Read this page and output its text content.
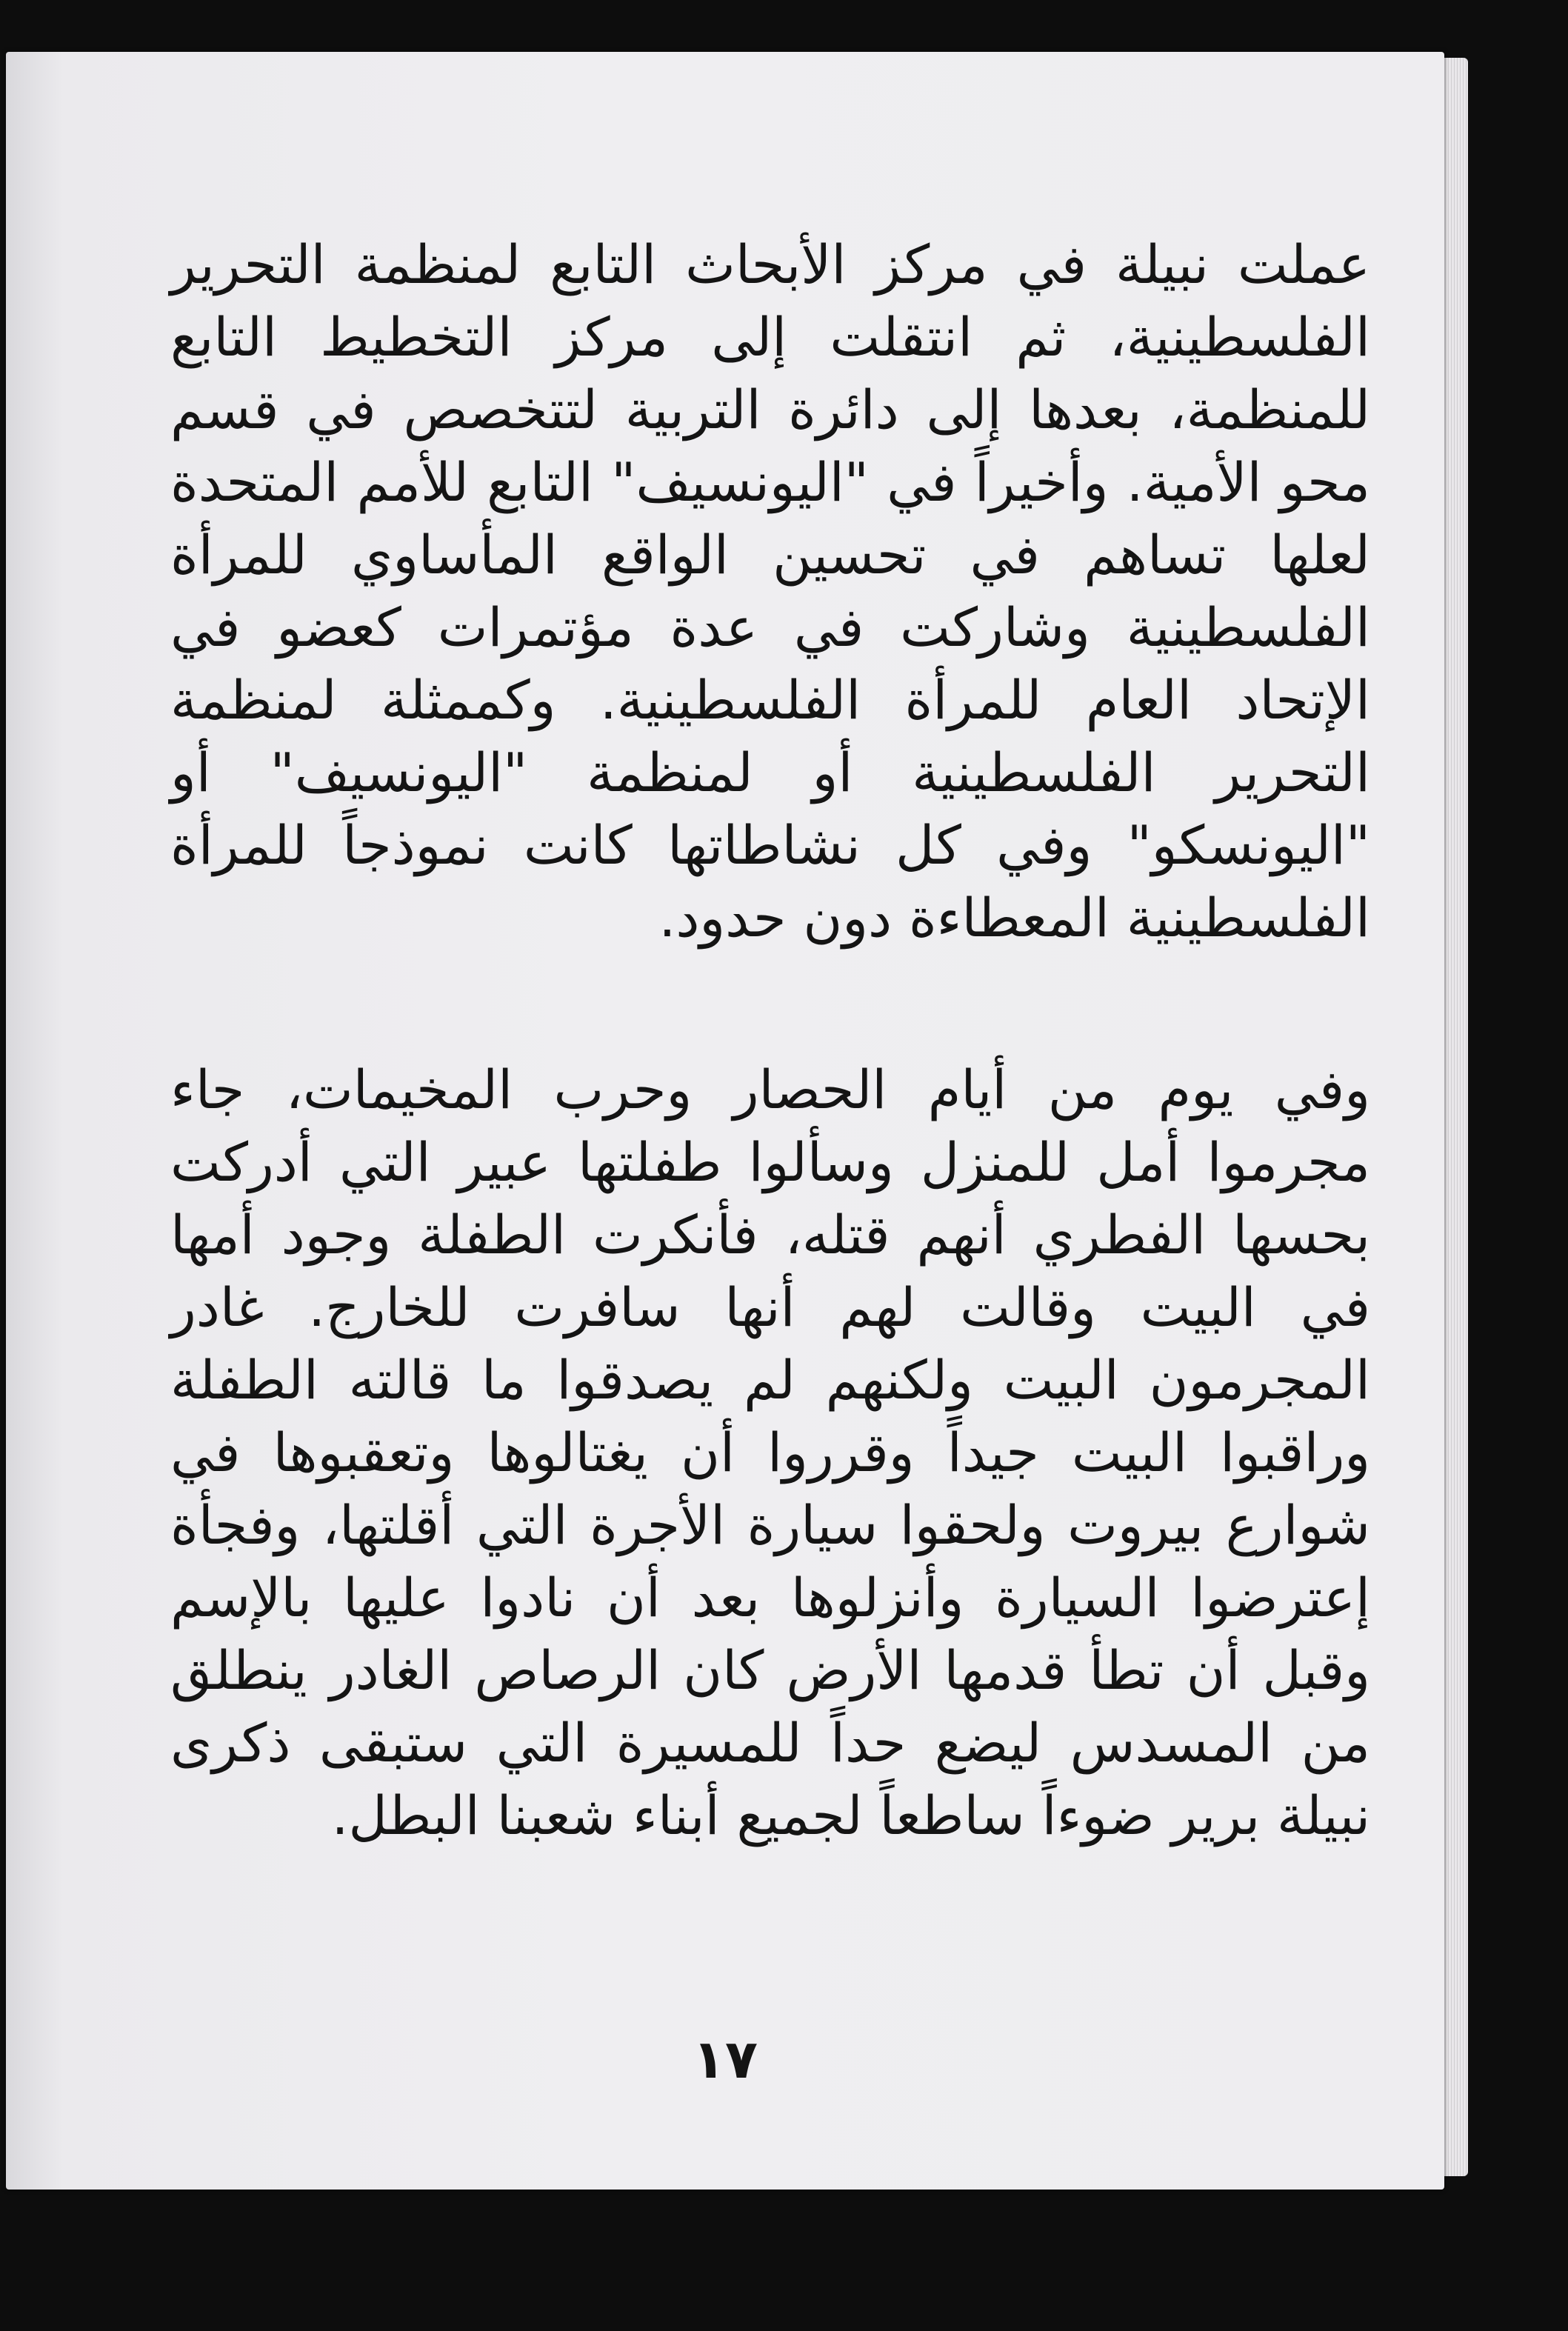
عملت نبيلة في مركز الأبحاث التابع لمنظمة التحرير الفلسطينية، ثم انتقلت إلى مركز التخطيط التابع للمنظمة، بعدها إلى دائرة التربية لتتخصص في قسم محو الأمية. وأخيراً في "اليونسيف" التابع للأمم المتحدة لعلها تساهم في تحسين الواقع المأساوي للمرأة الفلسطينية وشاركت في عدة مؤتمرات كعضو في الإتحاد العام للمرأة الفلسطينية. وكممثلة لمنظمة التحرير الفلسطينية أو لمنظمة "اليونسيف" أو "اليونسكو" وفي كل نشاطاتها كانت نموذجاً للمرأة الفلسطينية المعطاءة دون حدود.

وفي يوم من أيام الحصار وحرب المخيمات، جاء مجرموا أمل للمنزل وسألوا طفلتها عبير التي أدركت بحسها الفطري أنهم قتله، فأنكرت الطفلة وجود أمها في البيت وقالت لهم أنها سافرت للخارج. غادر المجرمون البيت ولكنهم لم يصدقوا ما قالته الطفلة وراقبوا البيت جيداً وقرروا أن يغتالوها وتعقبوها في شوارع بيروت ولحقوا سيارة الأجرة التي أقلتها، وفجأة إعترضوا السيارة وأنزلوها بعد أن نادوا عليها بالإسم وقبل أن تطأ قدمها الأرض كان الرصاص الغادر ينطلق من المسدس ليضع حداً للمسيرة التي ستبقى ذكرى نبيلة برير ضوءاً ساطعاً لجميع أبناء شعبنا البطل.

١٧
